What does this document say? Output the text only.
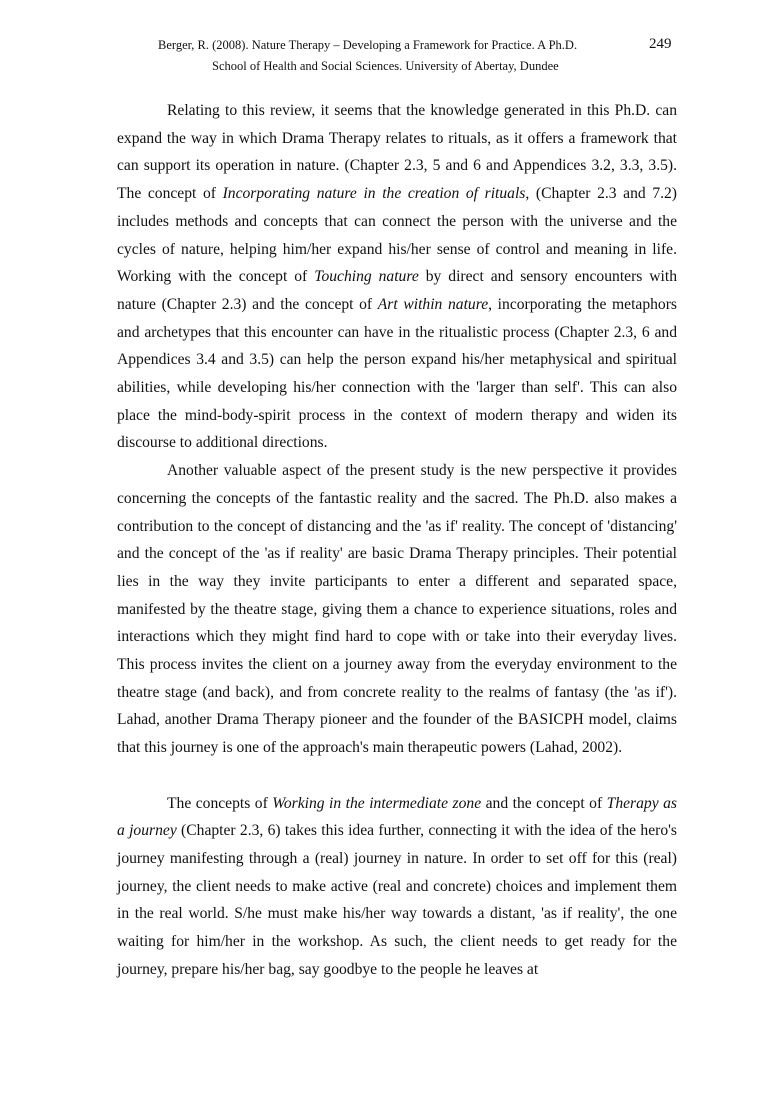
Berger, R. (2008). Nature Therapy – Developing a Framework for Practice. A Ph.D.	249
School of Health and Social Sciences. University of Abertay, Dundee

Relating to this review, it seems that the knowledge generated in this Ph.D. can expand the way in which Drama Therapy relates to rituals, as it offers a framework that can support its operation in nature. (Chapter 2.3, 5 and 6 and Appendices 3.2, 3.3, 3.5). The concept of Incorporating nature in the creation of rituals, (Chapter 2.3 and 7.2) includes methods and concepts that can connect the person with the universe and the cycles of nature, helping him/her expand his/her sense of control and meaning in life. Working with the concept of Touching nature by direct and sensory encounters with nature (Chapter 2.3) and the concept of Art within nature, incorporating the metaphors and archetypes that this encounter can have in the ritualistic process (Chapter 2.3, 6 and Appendices 3.4 and 3.5) can help the person expand his/her metaphysical and spiritual abilities, while developing his/her connection with the 'larger than self'. This can also place the mind-body-spirit process in the context of modern therapy and widen its discourse to additional directions.

Another valuable aspect of the present study is the new perspective it provides concerning the concepts of the fantastic reality and the sacred. The Ph.D. also makes a contribution to the concept of distancing and the 'as if' reality. The concept of 'distancing' and the concept of the 'as if reality' are basic Drama Therapy principles. Their potential lies in the way they invite participants to enter a different and separated space, manifested by the theatre stage, giving them a chance to experience situations, roles and interactions which they might find hard to cope with or take into their everyday lives. This process invites the client on a journey away from the everyday environment to the theatre stage (and back), and from concrete reality to the realms of fantasy (the 'as if'). Lahad, another Drama Therapy pioneer and the founder of the BASICPH model, claims that this journey is one of the approach's main therapeutic powers (Lahad, 2002).

The concepts of Working in the intermediate zone and the concept of Therapy as a journey (Chapter 2.3, 6) takes this idea further, connecting it with the idea of the hero's journey manifesting through a (real) journey in nature. In order to set off for this (real) journey, the client needs to make active (real and concrete) choices and implement them in the real world. S/he must make his/her way towards a distant, 'as if reality', the one waiting for him/her in the workshop. As such, the client needs to get ready for the journey, prepare his/her bag, say goodbye to the people he leaves at
